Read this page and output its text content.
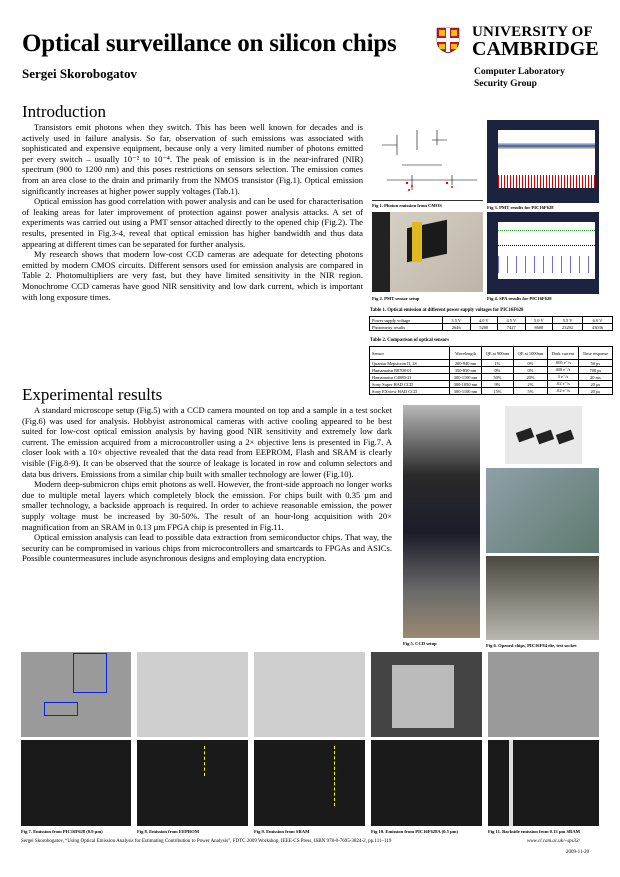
Optical surveillance on silicon chips
Sergei Skorobogatov
UNIVERSITY OF
CAMBRIDGE
Computer Laboratory
Security Group
Introduction

Transistors emit photons when they switch. This has been well known for decades and is actively used in failure analysis. So far, observation of such emissions was associated with sophisticated and expensive equipment, because only a very limited number of photons emitted per every switch – usually 10⁻² to 10⁻⁴. The peak of emission is in the near-infrared (NIR) spectrum (900 to 1200 nm) and this poses restrictions on sensors selection. The emission comes from an area close to the drain and primarily from the NMOS transistor (Fig.1). Optical emission significantly increases at higher power supply voltages (Tab.1).

Optical emission has good correlation with power analysis and can be used for characterisation of leaking areas for later improvement of protection against power analysis attacks. A set of experiments was carried out using a PMT sensor attached directly to the opened chip (Fig.2). The results, presented in Fig.3-4, reveal that optical emission has higher bandwidth and thus data appearing at different times can be separated for further analysis.

My research shows that modern low-cost CCD cameras are adequate for detecting photons emitted by modern CMOS circuits. Different sensors used for emission analysis are compared in Table 2. Photomultipliers are very fast, but they have limited sensitivity in the NIR region. Monochrome CCD cameras have good NIR sensitivity and low dark current, which is important with long exposure times.

Fig 1. Photon emission from CMOS	Fig 3. PMT results for PIC16F628
Fig 2. PMT sensor setup	Fig 4. SPA results for PIC16F628
Table 1. Optical emission at different power supply voltages for PIC16F628
Power supply voltage	3.5 V	4.0 V	4.5 V	5.0 V	5.5 V	6.0 V
Photometry results	2646	5200	7427	8600	23292	43036
Table 2. Comparison of optical sensors
Sensor	Wavelength	QE at 900nm	QE at 1000nm	Dark current	Time response
Quantar Mepsicron II, 2S	200-940 nm	1%	0%	.005 e⁻/s	50 ps
Hamamatsu R8708-01	350-850 nm	0%	0%	400 e⁻/s	700 ps
Hamamatsu C4880-21	300-1100 nm	50%	20%	3 e⁻/s	20 ms
Sony Super HAD CCD	300-1050 nm	9%	2%	.02 e⁻/s	20 µs
Sony EXview HAD CCD	300-1100 nm	15%	5%	.02 e⁻/s	20 µs
Experimental results

A standard microscope setup (Fig.5) with a CCD camera mounted on top and a sample in a test socket (Fig.6) was used for analysis. Hobbyist astronomical cameras with active cooling appeared to be best suited for low-cost optical emission analysis by having good NIR sensitivity and extremely low dark current. The emission acquired from a microcontroller using a 2× objective lens is presented in Fig.7. A closer look with a 10× objective revealed that the data read from EEPROM, Flash and SRAM is clearly visible (Fig.8-9). It can be observed that the source of leakage is located in row and column selectors and data bus drivers. Emissions from a similar chip built with smaller technology are lower (Fig.10).

Modern deep-submicron chips emit photons as well. However, the front-side approach no longer works due to multiple metal layers which completely block the emission. For chips built with 0.35 µm and smaller technology, a backside approach is required. In order to achieve reasonable emission, the power supply voltage must be increased by 30-50%. The result of an hour-long acquisition with 20× magnification from an SRAM in 0.13 µm FPGA chip is presented in Fig.11.

Optical emission analysis can lead to possible data extraction from semiconductor chips. That way, the security can be compromised in various chips from microcontrollers and smartcards to FPGAs and ASICs. Possible countermeasures include asynchronous designs and employing data encryption.

Fig 5. CCD setup	Fig 6. Opened chips, PIC16F84 die, test socket
Fig 7. Emission from PIC16F628 (0.9 µm)	Fig 8. Emission from EEPROM	Fig 9. Emission from SRAM	Fig 10. Emission from PIC16F628A (0.5 µm)	Fig 11. Backside emission from 0.13 µm SRAM
Sergei Skorobogatov, “Using Optical Emission Analysis for Estimating Contribution to Power Analysis”, FDTC 2009 Workshop, IEEE-CS Press, ISBN 978-0-7695-3824-2, pp.111–119	www.cl.cam.ac.uk/~sps32/
2009-11-20
